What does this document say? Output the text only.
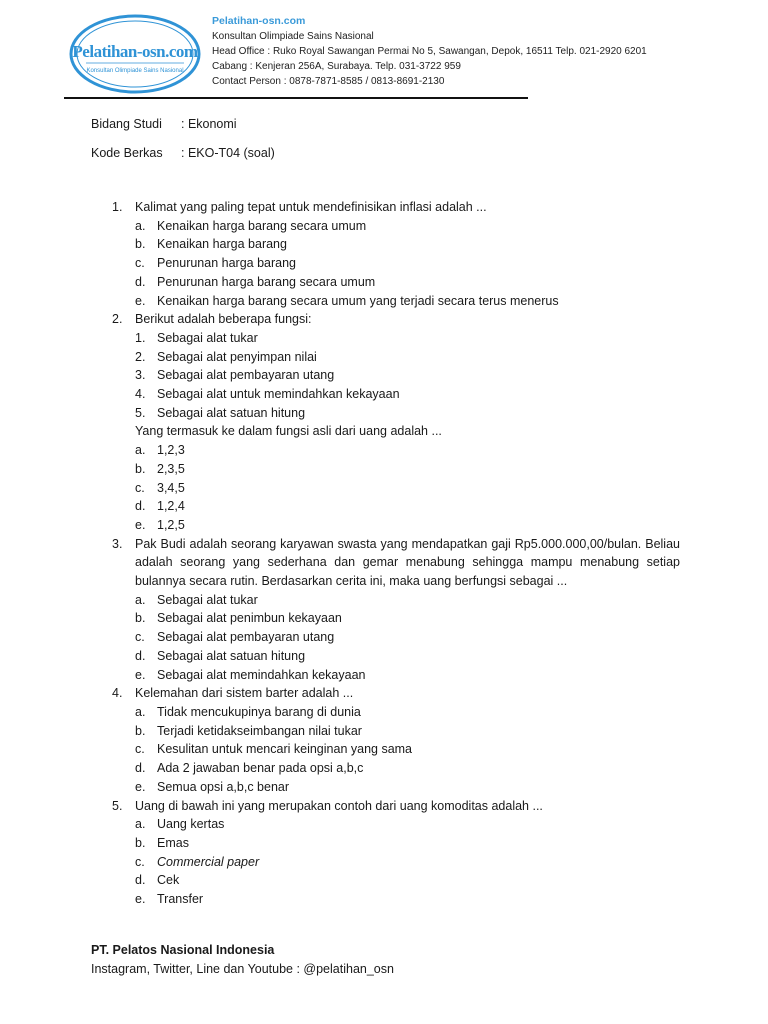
Pelatihan-osn.com
Konsultan Olimpiade Sains Nasional
Pelatihan-osn.com
Konsultan Olimpiade Sains Nasional
Head Office : Ruko Royal Sawangan Permai No 5, Sawangan, Depok, 16511 Telp. 021-2920 6201
Cabang : Kenjeran 256A, Surabaya. Telp. 031-3722 959
Contact Person : 0878-7871-8585 / 0813-8691-2130
Bidang Studi : Ekonomi
Kode Berkas : EKO-T04 (soal)
1. Kalimat yang paling tepat untuk mendefinisikan inflasi adalah ...
a. Kenaikan harga barang secara umum
b. Kenaikan harga barang
c. Penurunan harga barang
d. Penurunan harga barang secara umum
e. Kenaikan harga barang secara umum yang terjadi secara terus menerus
2. Berikut adalah beberapa fungsi:
1. Sebagai alat tukar
2. Sebagai alat penyimpan nilai
3. Sebagai alat pembayaran utang
4. Sebagai alat untuk memindahkan kekayaan
5. Sebagai alat satuan hitung
Yang termasuk ke dalam fungsi asli dari uang adalah ...
a. 1,2,3
b. 2,3,5
c. 3,4,5
d. 1,2,4
e. 1,2,5
3. Pak Budi adalah seorang karyawan swasta yang mendapatkan gaji Rp5.000.000,00/bulan. Beliau adalah seorang yang sederhana dan gemar menabung sehingga mampu menabung setiap bulannya secara rutin. Berdasarkan cerita ini, maka uang berfungsi sebagai ...
a. Sebagai alat tukar
b. Sebagai alat penimbun kekayaan
c. Sebagai alat pembayaran utang
d. Sebagai alat satuan hitung
e. Sebagai alat memindahkan kekayaan
4. Kelemahan dari sistem barter adalah ...
a. Tidak mencukupinya barang di dunia
b. Terjadi ketidakseimbangan nilai tukar
c. Kesulitan untuk mencari keinginan yang sama
d. Ada 2 jawaban benar pada opsi a,b,c
e. Semua opsi a,b,c benar
5. Uang di bawah ini yang merupakan contoh dari uang komoditas adalah ...
a. Uang kertas
b. Emas
c. Commercial paper
d. Cek
e. Transfer
PT. Pelatos Nasional Indonesia
Instagram, Twitter, Line dan Youtube : @pelatihan_osn
